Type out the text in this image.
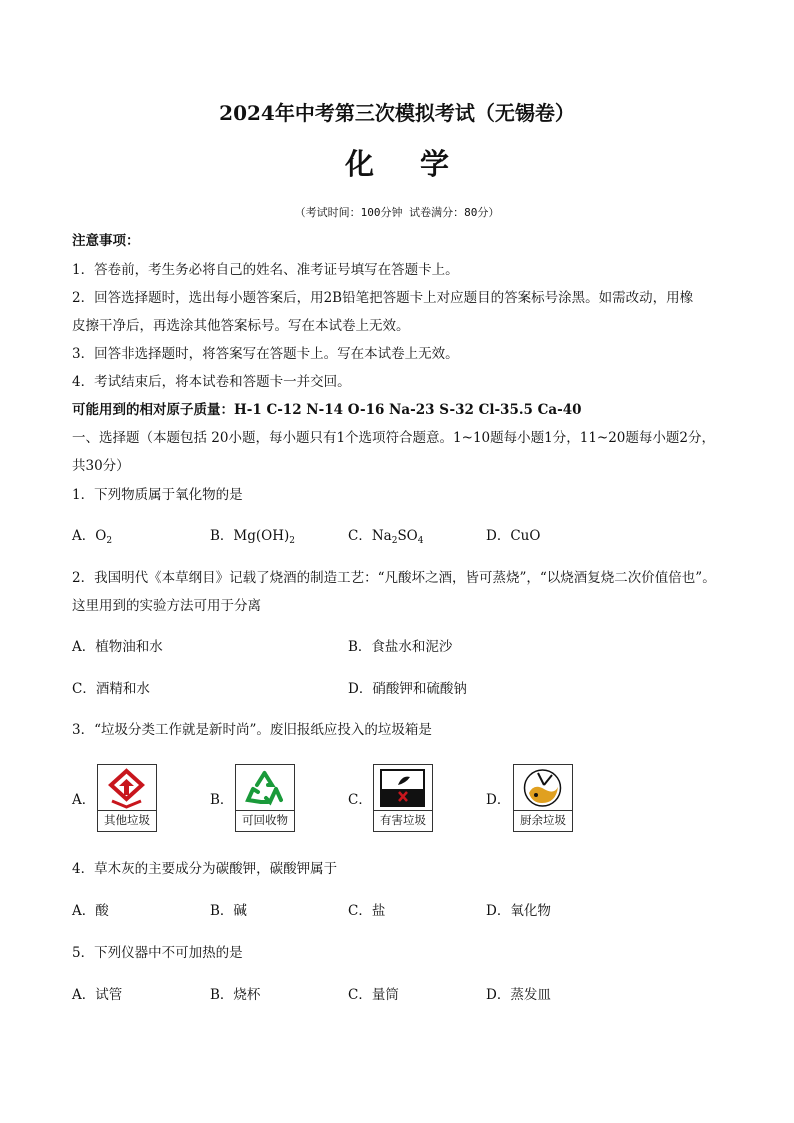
2024年中考第三次模拟考试（无锡卷）
化学
（考试时间：100分钟 试卷满分：80分）
注意事项：
1．答卷前，考生务必将自己的姓名、准考证号填写在答题卡上。
2．回答选择题时，选出每小题答案后，用2B铅笔把答题卡上对应题目的答案标号涂黑。如需改动，用橡
皮擦干净后，再选涂其他答案标号。写在本试卷上无效。
3．回答非选择题时，将答案写在答题卡上。写在本试卷上无效。
4．考试结束后，将本试卷和答题卡一并交回。
可能用到的相对原子质量：H-1 C-12 N-14 O-16 Na-23 S-32 Cl-35.5 Ca-40
一、选择题（本题包括 20小题，每小题只有1个选项符合题意。1~10题每小题1分，11~20题每小题2分，
共30分）
1．下列物质属于氧化物的是
A．$O_2$	B．$Mg(OH)_2$	C．$Na_2SO_4$	D．CuO
2．我国明代《本草纲目》记载了烧酒的制造工艺：“凡酸坏之酒，皆可蒸烧”，“以烧酒复烧二次价值倍也”。
这里用到的实验方法可用于分离
A．植物油和水	B．食盐水和泥沙
C．酒精和水	D．硝酸钾和硫酸钠
3．“垃圾分类工作就是新时尚”。废旧报纸应投入的垃圾箱是
A．
其他垃圾
B．
可回收物
C．
有害垃圾
D．
厨余垃圾
4．草木灰的主要成分为碳酸钾，碳酸钾属于
A．酸	B．碱	C．盐	D．氧化物
5．下列仪器中不可加热的是
A．试管	B．烧杯	C．量筒	D．蒸发皿
